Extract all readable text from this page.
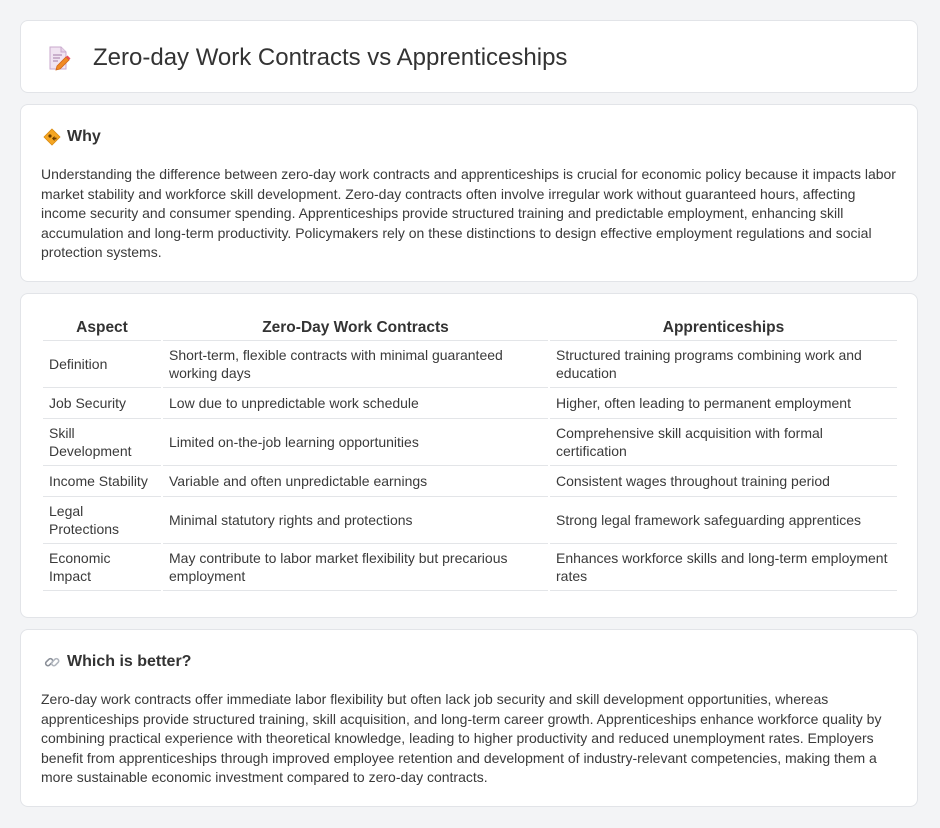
Zero-day Work Contracts vs Apprenticeships
Why

Understanding the difference between zero-day work contracts and apprenticeships is crucial for economic policy because it impacts labor market stability and workforce skill development. Zero-day contracts often involve irregular work without guaranteed hours, affecting income security and consumer spending. Apprenticeships provide structured training and predictable employment, enhancing skill accumulation and long-term productivity. Policymakers rely on these distinctions to design effective employment regulations and social protection systems.

Aspect	Zero-Day Work Contracts	Apprenticeships
Definition	Short-term, flexible contracts with minimal guaranteed working days	Structured training programs combining work and education
Job Security	Low due to unpredictable work schedule	Higher, often leading to permanent employment
Skill Development	Limited on-the-job learning opportunities	Comprehensive skill acquisition with formal certification
Income Stability	Variable and often unpredictable earnings	Consistent wages throughout training period
Legal Protections	Minimal statutory rights and protections	Strong legal framework safeguarding apprentices
Economic Impact	May contribute to labor market flexibility but precarious employment	Enhances workforce skills and long-term employment rates
Which is better?

Zero-day work contracts offer immediate labor flexibility but often lack job security and skill development opportunities, whereas apprenticeships provide structured training, skill acquisition, and long-term career growth. Apprenticeships enhance workforce quality by combining practical experience with theoretical knowledge, leading to higher productivity and reduced unemployment rates. Employers benefit from apprenticeships through improved employee retention and development of industry-relevant competencies, making them a more sustainable economic investment compared to zero-day contracts.
